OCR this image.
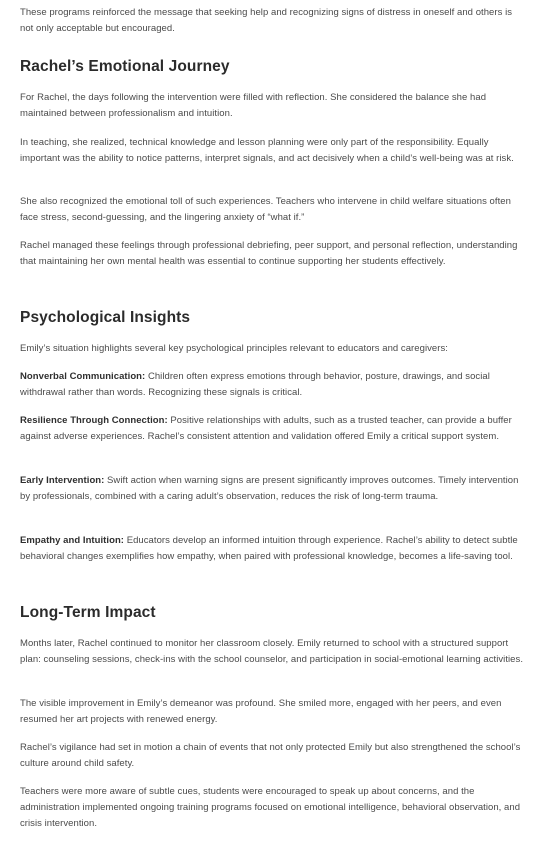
These programs reinforced the message that seeking help and recognizing signs of distress in oneself and others is not only acceptable but encouraged.

Rachel’s Emotional Journey

For Rachel, the days following the intervention were filled with reflection. She considered the balance she had maintained between professionalism and intuition.

In teaching, she realized, technical knowledge and lesson planning were only part of the responsibility. Equally important was the ability to notice patterns, interpret signals, and act decisively when a child’s well-being was at risk.

She also recognized the emotional toll of such experiences. Teachers who intervene in child welfare situations often face stress, second-guessing, and the lingering anxiety of “what if.”

Rachel managed these feelings through professional debriefing, peer support, and personal reflection, understanding that maintaining her own mental health was essential to continue supporting her students effectively.

Psychological Insights

Emily’s situation highlights several key psychological principles relevant to educators and caregivers:

Nonverbal Communication: Children often express emotions through behavior, posture, drawings, and social withdrawal rather than words. Recognizing these signals is critical.

Resilience Through Connection: Positive relationships with adults, such as a trusted teacher, can provide a buffer against adverse experiences. Rachel’s consistent attention and validation offered Emily a critical support system.

Early Intervention: Swift action when warning signs are present significantly improves outcomes. Timely intervention by professionals, combined with a caring adult’s observation, reduces the risk of long-term trauma.

Empathy and Intuition: Educators develop an informed intuition through experience. Rachel’s ability to detect subtle behavioral changes exemplifies how empathy, when paired with professional knowledge, becomes a life-saving tool.

Long-Term Impact

Months later, Rachel continued to monitor her classroom closely. Emily returned to school with a structured support plan: counseling sessions, check-ins with the school counselor, and participation in social-emotional learning activities.

The visible improvement in Emily’s demeanor was profound. She smiled more, engaged with her peers, and even resumed her art projects with renewed energy.

Rachel’s vigilance had set in motion a chain of events that not only protected Emily but also strengthened the school’s culture around child safety.

Teachers were more aware of subtle cues, students were encouraged to speak up about concerns, and the administration implemented ongoing training programs focused on emotional intelligence, behavioral observation, and crisis intervention.
